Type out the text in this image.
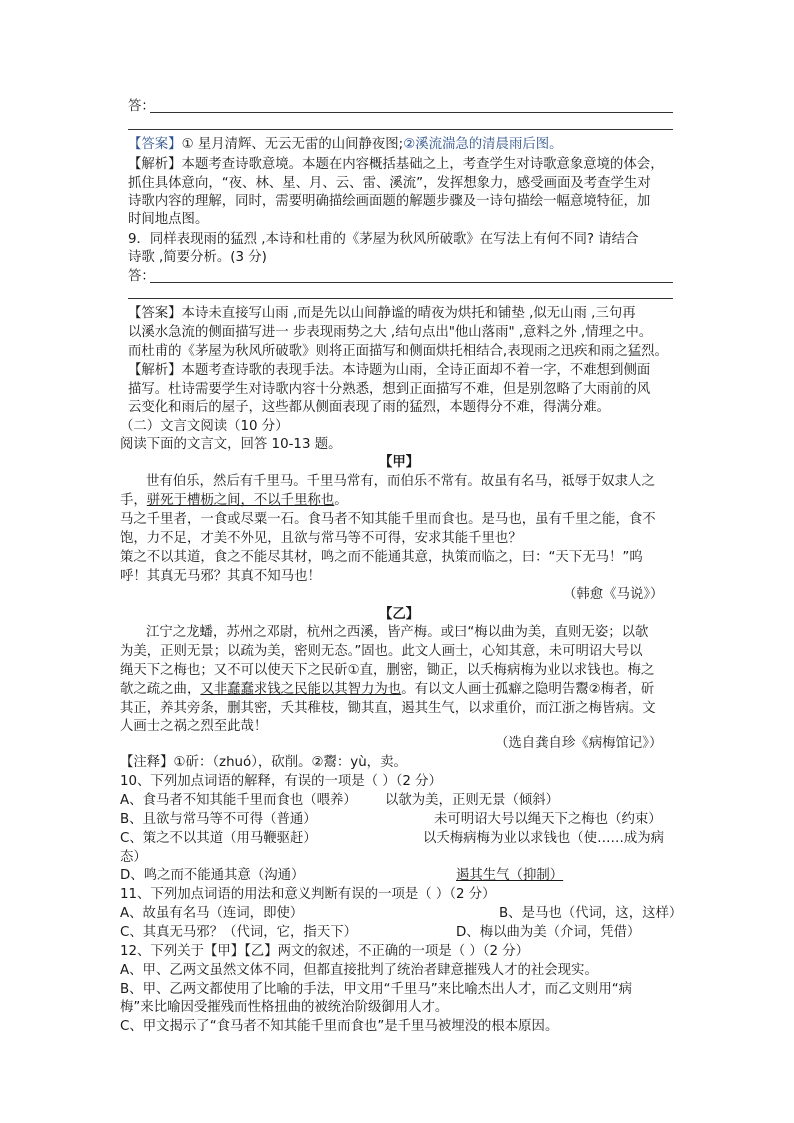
答：
【答案】① 星月清辉、无云无雷的山间静夜图;②溪流湍急的清晨雨后图。
【解析】本题考查诗歌意境。本题在内容概括基础之上，考查学生对诗歌意象意境的体会，
抓住具体意向，“夜、林、星、月、云、雷、溪流”，发挥想象力，感受画面及考查学生对
诗歌内容的理解，同时，需要明确描绘画面题的解题步骤及一诗句描绘一幅意境特征，加
时间地点图。
9．同样表现雨的猛烈 ,本诗和杜甫的《茅屋为秋风所破歌》在写法上有何不同? 请结合
诗歌 ,简要分析。(3 分)
答：
【答案】本诗未直接写山雨 ,而是先以山间静谧的晴夜为烘托和铺垫 ,似无山雨 ,三句再
以溪水急流的侧面描写进一 步表现雨势之大 ,结句点出"他山落雨" ,意料之外 ,情理之中。
而杜甫的《茅屋为秋风所破歌》则将正面描写和侧面烘托相结合,表现雨之迅疾和雨之猛烈。
【解析】本题考查诗歌的表现手法。本诗题为山雨，全诗正面却不着一字，不难想到侧面
描写。杜诗需要学生对诗歌内容十分熟悉，想到正面描写不难，但是别忽略了大雨前的风
云变化和雨后的屋子，这些都从侧面表现了雨的猛烈，本题得分不难，得满分难。
（二）文言文阅读（10 分）
阅读下面的文言文，回答 10-13 题。
【甲】
世有伯乐，然后有千里马。千里马常有，而伯乐不常有。故虽有名马，祗辱于奴隶人之
手，骈死于槽枥之间，不以千里称也。
马之千里者，一食或尽粟一石。食马者不知其能千里而食也。是马也，虽有千里之能，食不
饱，力不足，才美不外见，且欲与常马等不可得，安求其能千里也？
策之不以其道，食之不能尽其材，鸣之而不能通其意，执策而临之，曰：“天下无马！”呜
呼！其真无马邪？其真不知马也！
（韩愈《马说》）
【乙】
江宁之龙蟠，苏州之邓尉，杭州之西溪，皆产梅。或曰“梅以曲为美，直则无姿；以欹
为美，正则无景；以疏为美，密则无态。”固也。此文人画士，心知其意，未可明诏大号以
绳天下之梅也；又不可以使天下之民斫①直，删密，锄正，以夭梅病梅为业以求钱也。梅之
欹之疏之曲，又非蠢蠢求钱之民能以其智力为也。有以文人画士孤癖之隐明告鬻②梅者，斫
其正，养其旁条，删其密，夭其稚枝，锄其直，遏其生气，以求重价，而江浙之梅皆病。文
人画士之祸之烈至此哉！
（选自龚自珍《病梅馆记》）
【注释】①斫：（zhuó），砍削。②鬻：yù，卖。
10、下列加点词语的解释，有误的一项是（ ）（2 分）
A、食马者不知其能千里而食也（喂养） 以欹为美，正则无景（倾斜）
B、且欲与常马等不可得（普通）	未可明诏大号以绳天下之梅也（约束）
C、策之不以其道（用马鞭驱赶）	以夭梅病梅为业以求钱也（使……成为病
态）
D、鸣之而不能通其意（沟通）	遏其生气（抑制）
11、下列加点词语的用法和意义判断有误的一项是（ ）（2 分）
A、故虽有名马（连词，即使）	B、是马也（代词，这，这样）
C、其真无马邪？（代词，它，指天下）	D、梅以曲为美（介词，凭借）
12、下列关于【甲】【乙】两文的叙述，不正确的一项是（ ）（2 分）
A、甲、乙两文虽然文体不同，但都直接批判了统治者肆意摧残人才的社会现实。
B、甲、乙两文都使用了比喻的手法，甲文用“千里马”来比喻杰出人才，而乙文则用“病
梅”来比喻因受摧残而性格扭曲的被统治阶级御用人才。
C、甲文揭示了“食马者不知其能千里而食也”是千里马被埋没的根本原因。
